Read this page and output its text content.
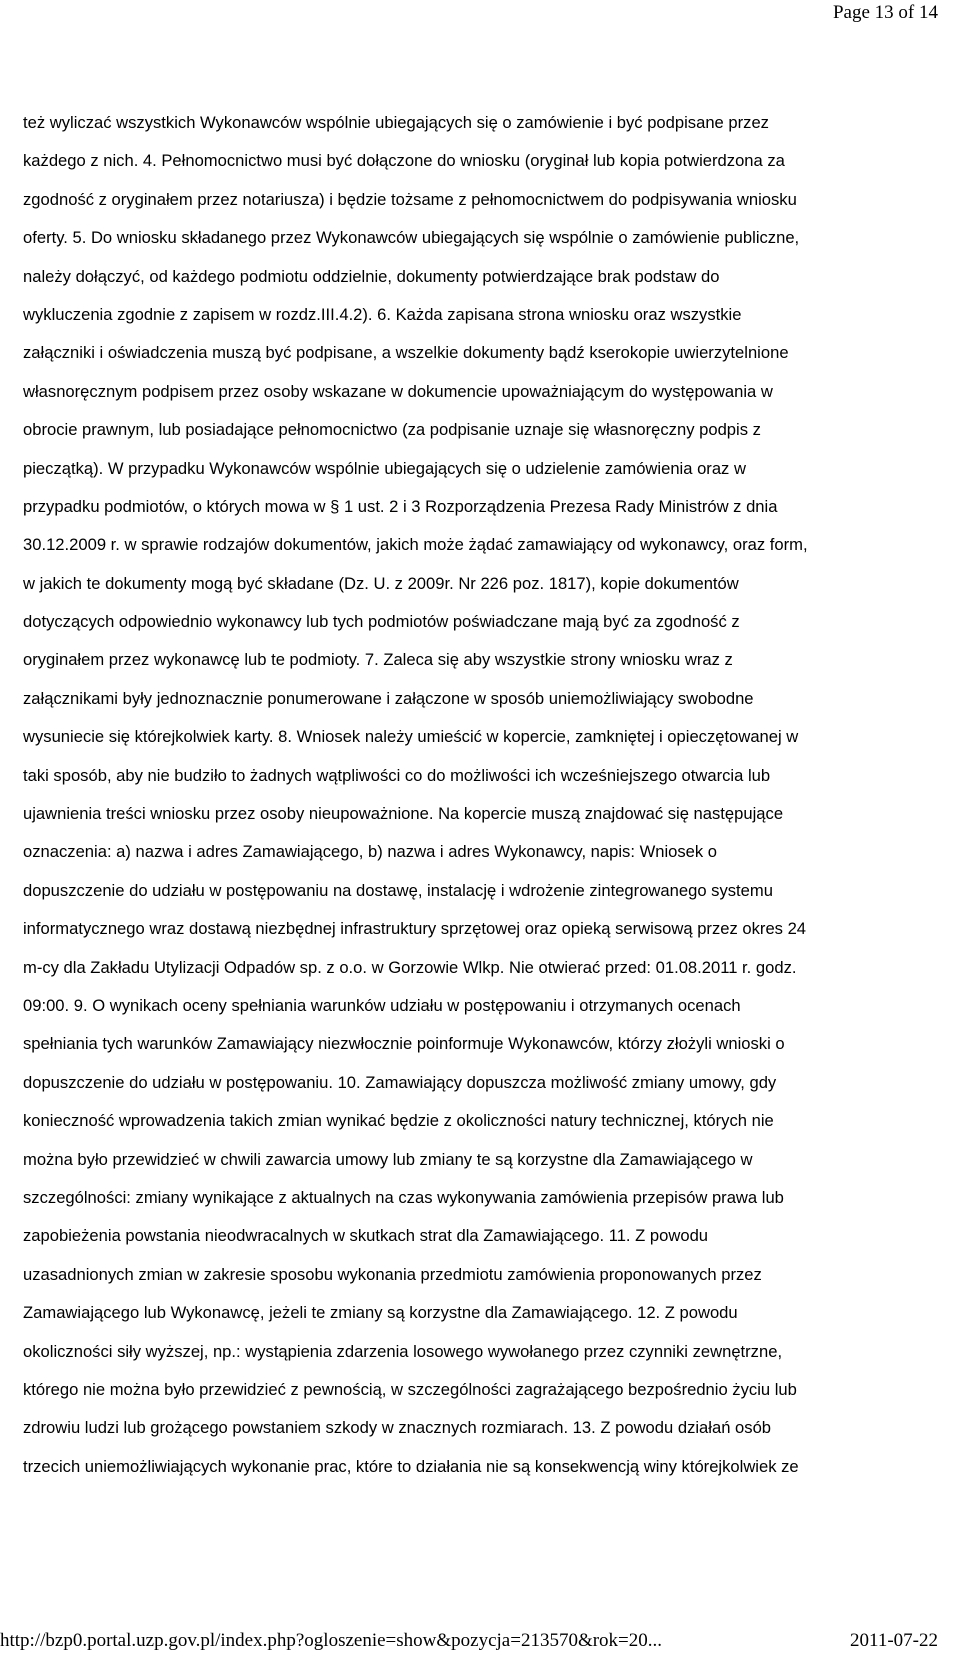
Page 13 of 14
też wyliczać wszystkich Wykonawców wspólnie ubiegających się o zamówienie i być podpisane przez
każdego z nich. 4. Pełnomocnictwo musi być dołączone do wniosku (oryginał lub kopia potwierdzona za
zgodność z oryginałem przez notariusza) i będzie tożsame z pełnomocnictwem do podpisywania wniosku
oferty. 5. Do wniosku składanego przez Wykonawców ubiegających się wspólnie o zamówienie publiczne,
należy dołączyć, od każdego podmiotu oddzielnie, dokumenty potwierdzające brak podstaw do
wykluczenia zgodnie z zapisem w rozdz.III.4.2). 6. Każda zapisana strona wniosku oraz wszystkie
załączniki i oświadczenia muszą być podpisane, a wszelkie dokumenty bądź kserokopie uwierzytelnione
własnoręcznym podpisem przez osoby wskazane w dokumencie upoważniającym do występowania w
obrocie prawnym, lub posiadające pełnomocnictwo (za podpisanie uznaje się własnoręczny podpis z
pieczątką). W przypadku Wykonawców wspólnie ubiegających się o udzielenie zamówienia oraz w
przypadku podmiotów, o których mowa w § 1 ust. 2 i 3 Rozporządzenia Prezesa Rady Ministrów z dnia
30.12.2009 r. w sprawie rodzajów dokumentów, jakich może żądać zamawiający od wykonawcy, oraz form,
w jakich te dokumenty mogą być składane (Dz. U. z 2009r. Nr 226 poz. 1817), kopie dokumentów
dotyczących odpowiednio wykonawcy lub tych podmiotów poświadczane mają być za zgodność z
oryginałem przez wykonawcę lub te podmioty. 7. Zaleca się aby wszystkie strony wniosku wraz z
załącznikami były jednoznacznie ponumerowane i załączone w sposób uniemożliwiający swobodne
wysuniecie się którejkolwiek karty. 8. Wniosek należy umieścić w kopercie, zamkniętej i opieczętowanej w
taki sposób, aby nie budziło to żadnych wątpliwości co do możliwości ich wcześniejszego otwarcia lub
ujawnienia treści wniosku przez osoby nieupoważnione. Na kopercie muszą znajdować się następujące
oznaczenia: a) nazwa i adres Zamawiającego, b) nazwa i adres Wykonawcy, napis: Wniosek o
dopuszczenie do udziału w postępowaniu na dostawę, instalację i wdrożenie zintegrowanego systemu
informatycznego wraz dostawą niezbędnej infrastruktury sprzętowej oraz opieką serwisową przez okres 24
m-cy dla Zakładu Utylizacji Odpadów sp. z o.o. w Gorzowie Wlkp. Nie otwierać przed: 01.08.2011 r. godz.
09:00. 9. O wynikach oceny spełniania warunków udziału w postępowaniu i otrzymanych ocenach
spełniania tych warunków Zamawiający niezwłocznie poinformuje Wykonawców, którzy złożyli wnioski o
dopuszczenie do udziału w postępowaniu. 10. Zamawiający dopuszcza możliwość zmiany umowy, gdy
konieczność wprowadzenia takich zmian wynikać będzie z okoliczności natury technicznej, których nie
można było przewidzieć w chwili zawarcia umowy lub zmiany te są korzystne dla Zamawiającego w
szczególności: zmiany wynikające z aktualnych na czas wykonywania zamówienia przepisów prawa lub
zapobieżenia powstania nieodwracalnych w skutkach strat dla Zamawiającego. 11. Z powodu
uzasadnionych zmian w zakresie sposobu wykonania przedmiotu zamówienia proponowanych przez
Zamawiającego lub Wykonawcę, jeżeli te zmiany są korzystne dla Zamawiającego. 12. Z powodu
okoliczności siły wyższej, np.: wystąpienia zdarzenia losowego wywołanego przez czynniki zewnętrzne,
którego nie można było przewidzieć z pewnością, w szczególności zagrażającego bezpośrednio życiu lub
zdrowiu ludzi lub grożącego powstaniem szkody w znacznych rozmiarach. 13. Z powodu działań osób
trzecich uniemożliwiających wykonanie prac, które to działania nie są konsekwencją winy którejkolwiek ze
http://bzp0.portal.uzp.gov.pl/index.php?ogloszenie=show&pozycja=213570&rok=20...	2011-07-22
